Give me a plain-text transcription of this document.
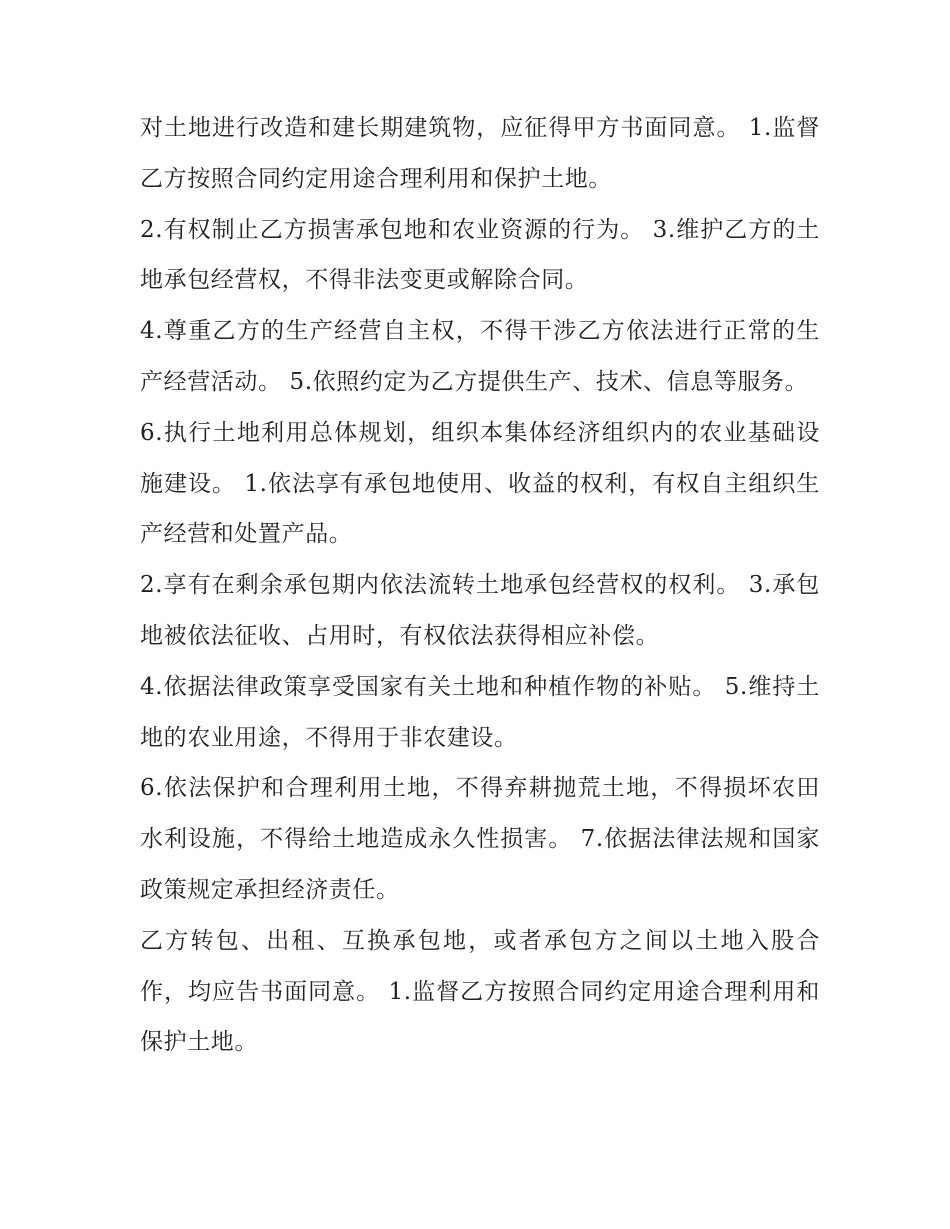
对土地进行改造和建长期建筑物，应征得甲方书面同意。 1.监督乙方按照合同约定用途合理利用和保护土地。

2.有权制止乙方损害承包地和农业资源的行为。 3.维护乙方的土地承包经营权，不得非法变更或解除合同。

4.尊重乙方的生产经营自主权，不得干涉乙方依法进行正常的生产经营活动。 5.依照约定为乙方提供生产、技术、信息等服务。

6.执行土地利用总体规划，组织本集体经济组织内的农业基础设施建设。 1.依法享有承包地使用、收益的权利，有权自主组织生产经营和处置产品。

2.享有在剩余承包期内依法流转土地承包经营权的权利。 3.承包地被依法征收、占用时，有权依法获得相应补偿。

4.依据法律政策享受国家有关土地和种植作物的补贴。 5.维持土地的农业用途，不得用于非农建设。

6.依法保护和合理利用土地，不得弃耕抛荒土地，不得损坏农田水利设施，不得给土地造成永久性损害。 7.依据法律法规和国家政策规定承担经济责任。

乙方转包、出租、互换承包地，或者承包方之间以土地入股合作，均应告书面同意。 1.监督乙方按照合同约定用途合理利用和保护土地。
